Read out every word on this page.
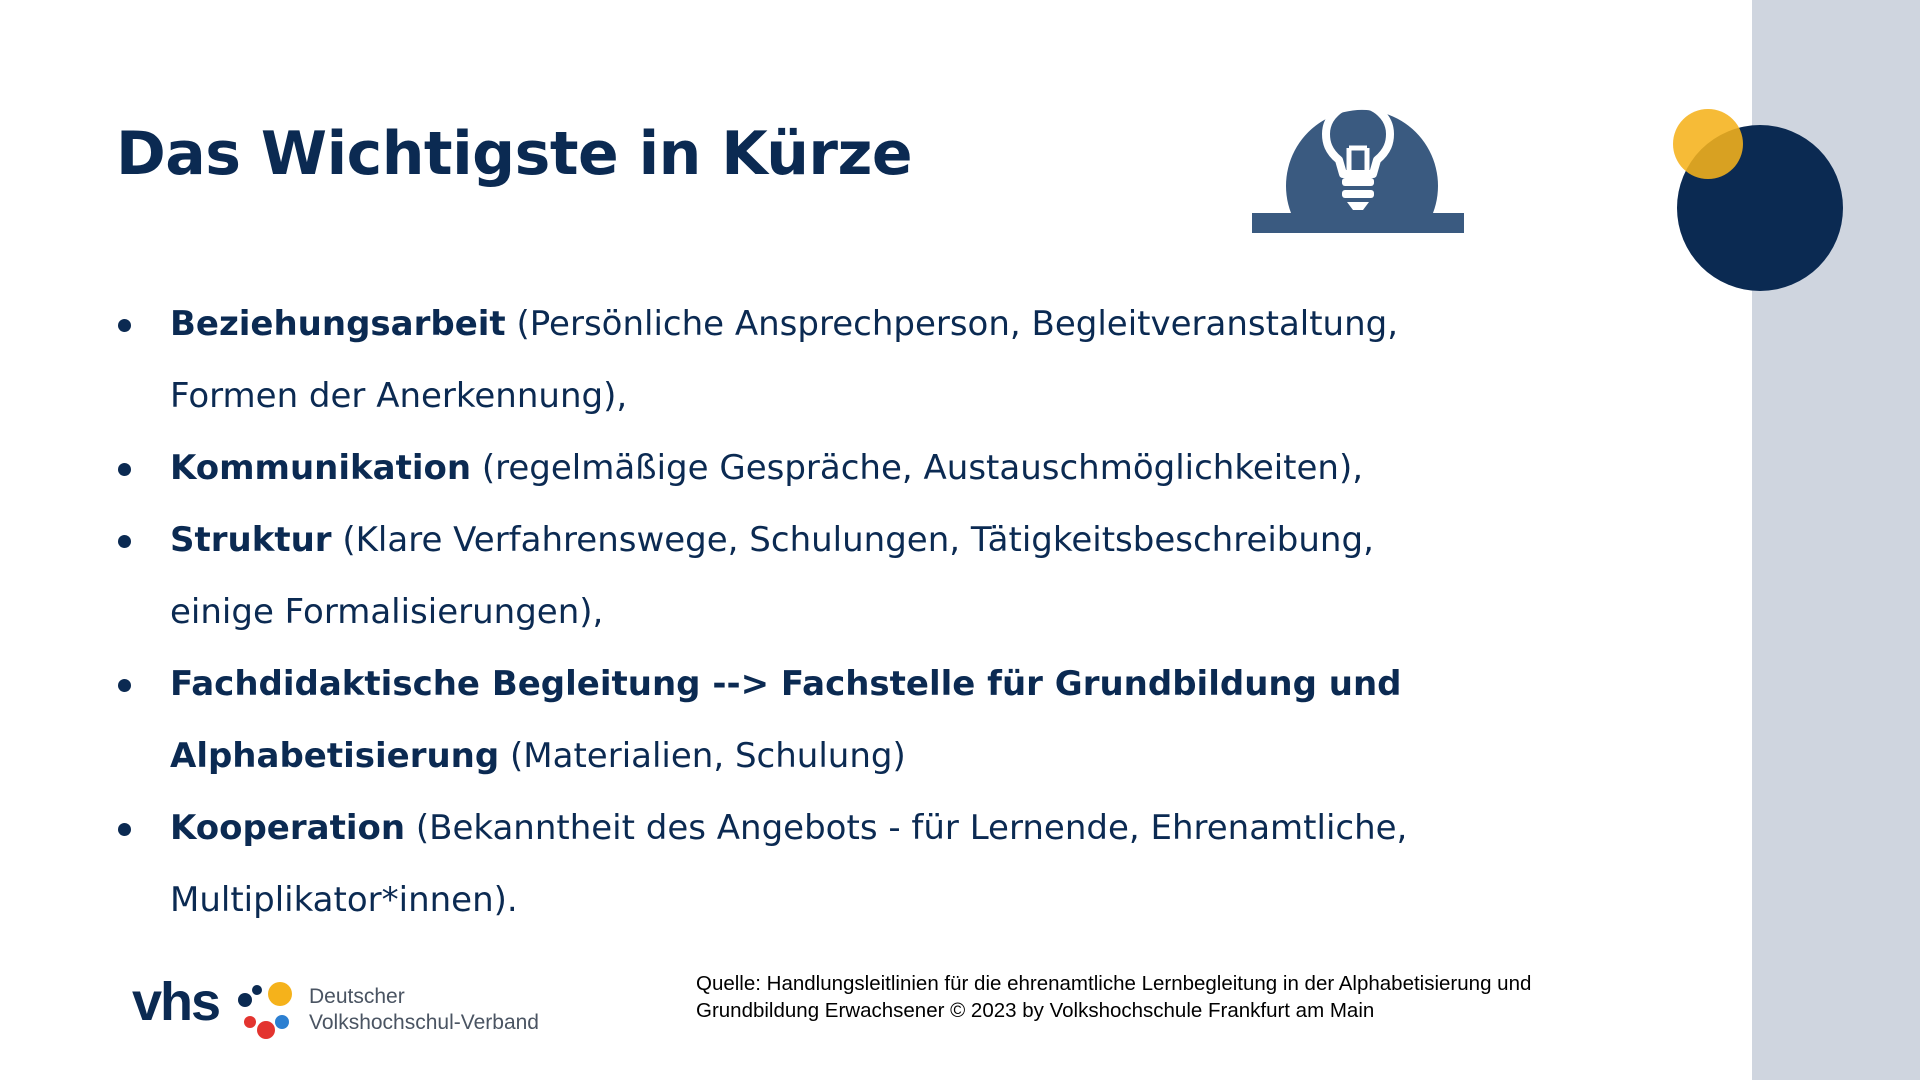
Das Wichtigste in Kürze
Beziehungsarbeit (Persönliche Ansprechperson, Begleitveranstaltung, Formen der Anerkennung),
Kommunikation (regelmäßige Gespräche, Austauschmöglichkeiten),
Struktur (Klare Verfahrenswege, Schulungen, Tätigkeitsbeschreibung, einige Formalisierungen),
Fachdidaktische Begleitung --> Fachstelle für Grundbildung und Alphabetisierung (Materialien, Schulung)
Kooperation (Bekanntheit des Angebots - für Lernende, Ehrenamtliche, Multiplikator*innen).
vhs	Deutscher
Volkshochschul-Verband
Quelle: Handlungsleitlinien für die ehrenamtliche Lernbegleitung in der Alphabetisierung und
Grundbildung Erwachsener © 2023 by Volkshochschule Frankfurt am Main
